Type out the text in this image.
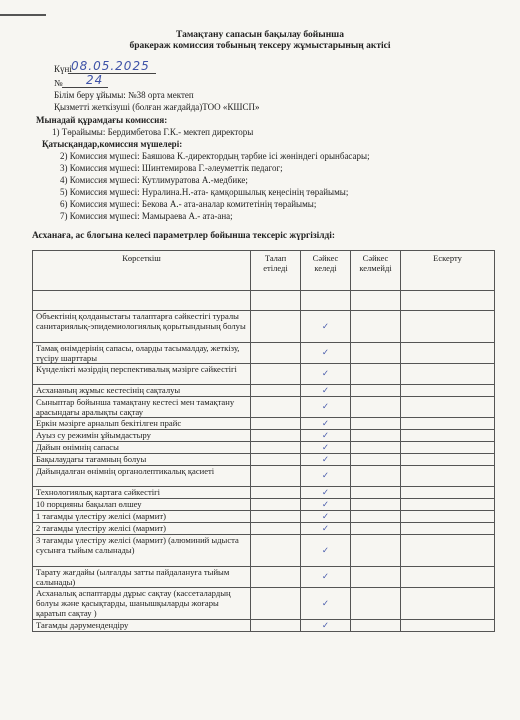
Тамақтану сапасын бақылау бойынша
бракераж комиссия тобының тексеру жұмыстарының актісі
Күні 08.05.2025
№ 24
Білім беру ұйымы: №38 орта мектеп
Қызметті жеткізуші (болған жағдайда)ТОО «КШСП»
Мынадай құрамдағы комиссия:
1) Төрайымы: Бердимбетова Г.К.- мектеп директоры
Қатысқандар,комиссия мүшелері:
2) Комиссия мүшесі: Баяшова К.-директордың тәрбие ісі жөніндегі орынбасары;
3) Комиссия мүшесі: Шинтемирова Г.-әлеуметтік педагог;
4) Комиссия мүшесі: Кутлимуратова А.-медбике;
5) Комиссия мүшесі: Нуралина.Н.-ата- қамқоршылық кеңесінің төрайымы;
6) Комиссия мүшесі: Бекова А.- ата-аналар комитетінің төрайымы;
7) Комиссия мүшесі: Мамыраева А.- ата-ана;
Асханаға, ас блогына келесі параметрлер бойынша тексеріс жүргізілді:
Көрсеткіш	Талап етіледі	Сәйкес келеді	Сәйкес келмейді	Ескерту

Объектінің қолданыстағы талаптарға сәйкестігі туралы санитариялық-эпидемиологиялық қорытындының болуы		✓		
Тамақ өнімдерінің сапасы, оларды тасымалдау, жеткізу, түсіру шарттары		✓		
Күнделікті мәзірдің перспективалық мәзірге сәйкестігі		✓		
Асхананың жұмыс кестесінің сақталуы		✓		
Сыныптар бойынша тамақтану кестесі мен тамақтану арасындағы аралықты сақтау		✓		
Еркін мәзірге арналып бекітілген прайс		✓		
Ауыз су режимін ұйымдастыру		✓		
Дайын өнімнің сапасы		✓		
Бақылаудағы тағамның болуы		✓		
Дайындалған өнімнің органолептикалық қасиеті		✓		
Технологиялық картаға сәйкестігі		✓		
10 порцияны бақылап өлшеу		✓		
1 тағамды үлестіру желісі (мармит)		✓		
2 тағамды үлестіру желісі (мармит)		✓		
3 тағамды үлестіру желісі (мармит) (алюминий ыдыста сусынға тыйым салынады)		✓		
Тарату жағдайы (ылғалды затты пайдалануға тыйым салынады)		✓		
Асханалық аспаптарды дұрыс сақтау (кассеталардың болуы және қасықтарды, шанышқыларды жоғары қаратып сақтау )		✓		
Тағамды дәрумендендіру		✓		
